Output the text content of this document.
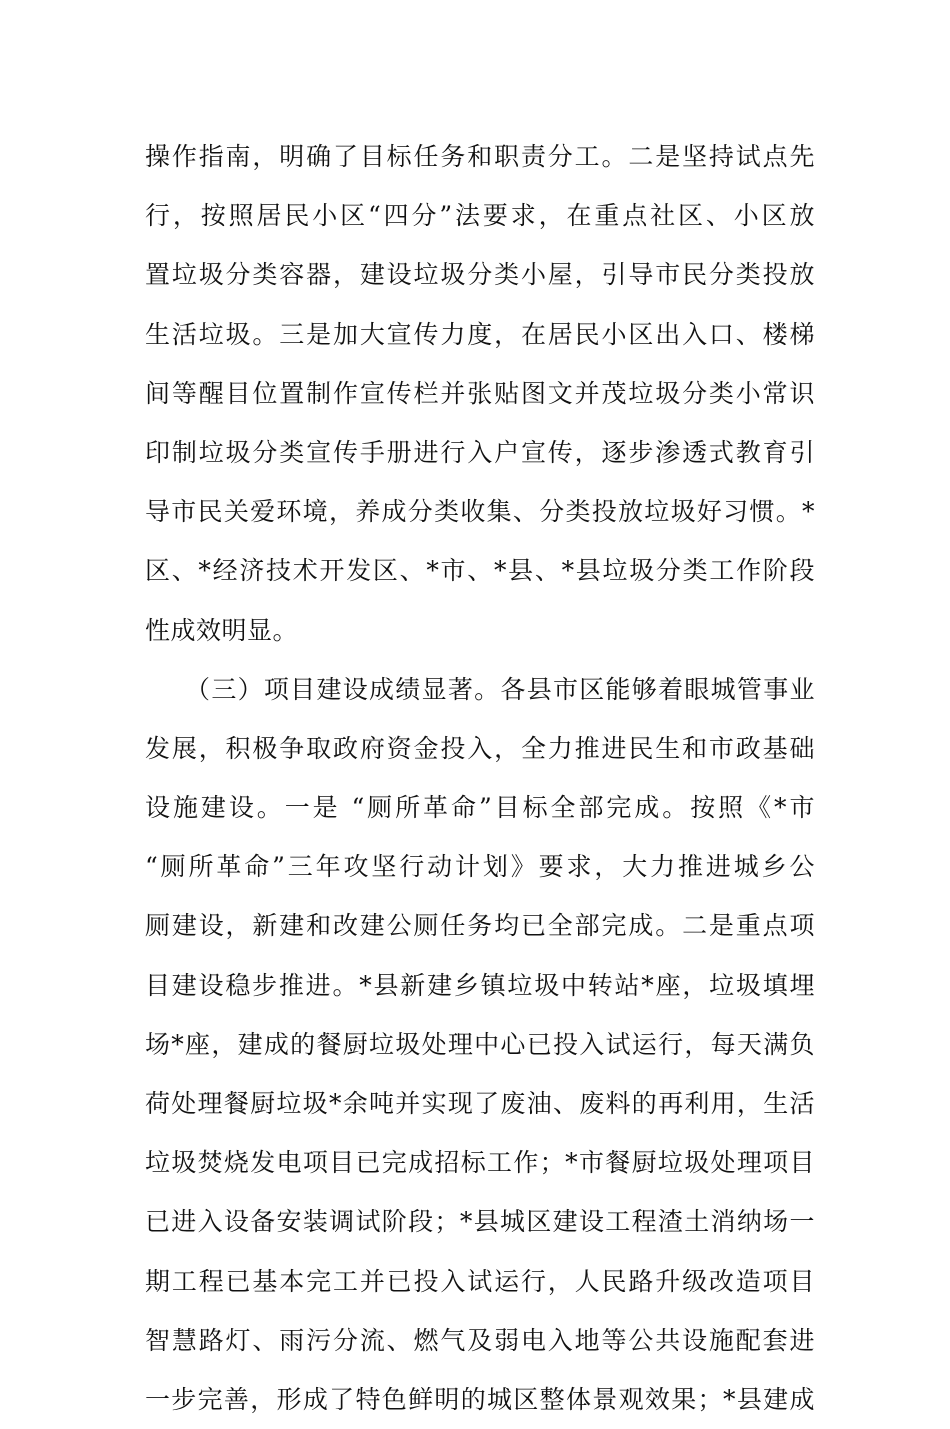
操作指南，明确了目标任务和职责分工。二是坚持试点先
行，按照居民小区“四分”法要求，在重点社区、小区放
置垃圾分类容器，建设垃圾分类小屋，引导市民分类投放
生活垃圾。三是加大宣传力度，在居民小区出入口、楼梯
间等醒目位置制作宣传栏并张贴图文并茂垃圾分类小常识
印制垃圾分类宣传手册进行入户宣传，逐步渗透式教育引
导市民关爱环境，养成分类收集、分类投放垃圾好习惯。*
区、*经济技术开发区、*市、*县、*县垃圾分类工作阶段
性成效明显。
　　（三）项目建设成绩显著。各县市区能够着眼城管事业
发展，积极争取政府资金投入，全力推进民生和市政基础
设施建设。一是 “厕所革命”目标全部完成。按照《*市
“厕所革命”三年攻坚行动计划》要求，大力推进城乡公
厕建设，新建和改建公厕任务均已全部完成。二是重点项
目建设稳步推进。*县新建乡镇垃圾中转站*座，垃圾填埋
场*座，建成的餐厨垃圾处理中心已投入试运行，每天满负
荷处理餐厨垃圾*余吨并实现了废油、废料的再利用，生活
垃圾焚烧发电项目已完成招标工作；*市餐厨垃圾处理项目
已进入设备安装调试阶段；*县城区建设工程渣土消纳场一
期工程已基本完工并已投入试运行，人民路升级改造项目
智慧路灯、雨污分流、燃气及弱电入地等公共设施配套进
一步完善，形成了特色鲜明的城区整体景观效果；*县建成
